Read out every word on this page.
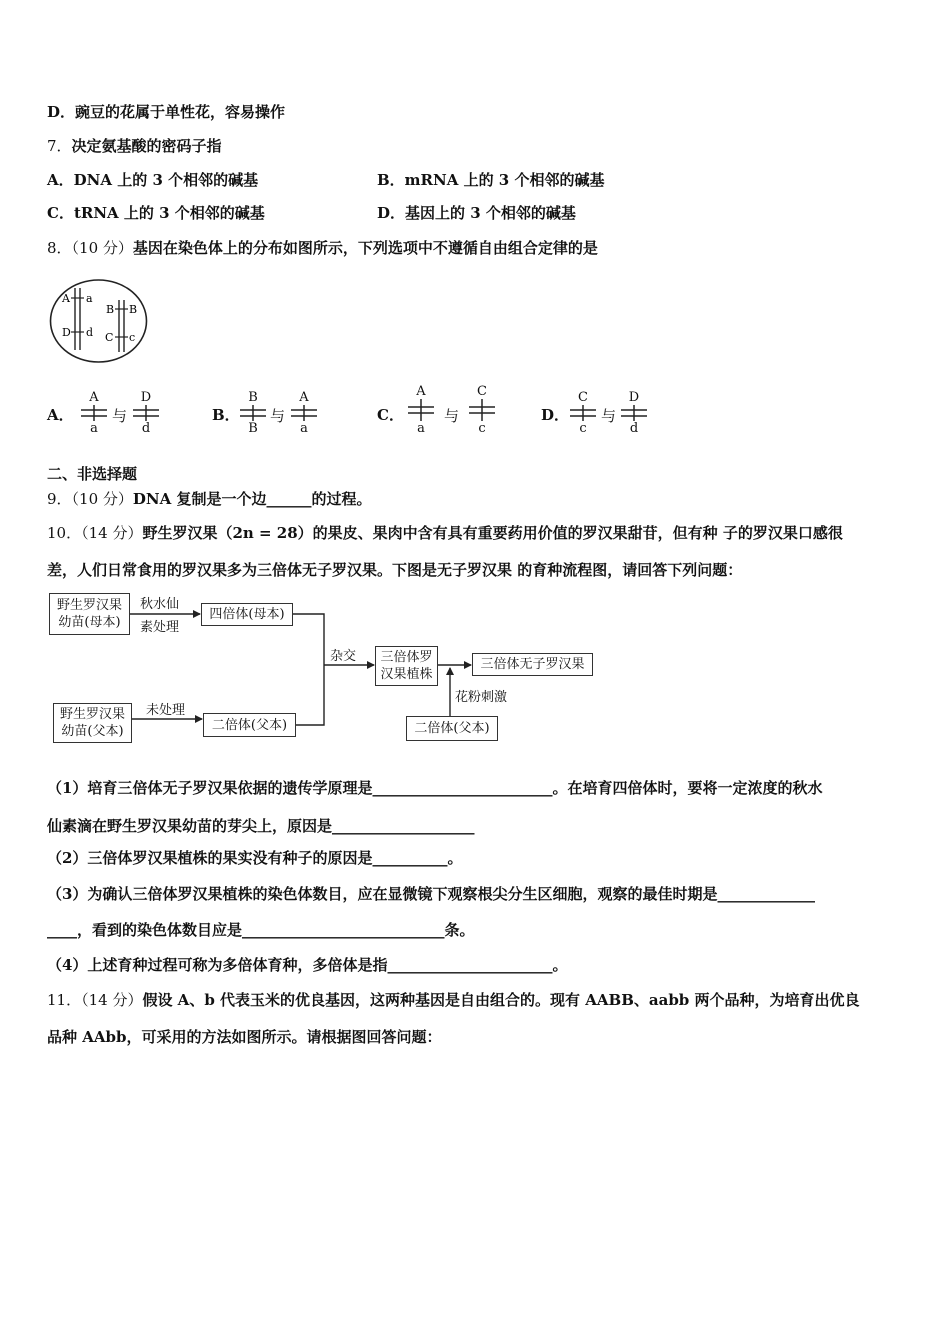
D．豌豆的花属于单性花，容易操作
7．决定氨基酸的密码子指
A．DNA 上的 3 个相邻的碱基	B．mRNA 上的 3 个相邻的碱基
C．tRNA 上的 3 个相邻的碱基	D．基因上的 3 个相邻的碱基
8．（10 分）基因在染色体上的分布如图所示，下列选项中不遵循自由组合定律的是
A a
D d
B B
C c
A．
A
a
与
D
d
B．
B
B
与
A
a
C．
A
a
与
C
c
D．
C
c
与
D
d
二、非选择题
9．（10 分）DNA 复制是一个边______的过程。
10．（14 分）野生罗汉果（2n = 28）的果皮、果肉中含有具有重要药用价值的罗汉果甜苷，但有种 子的罗汉果口感很
差，人们日常食用的罗汉果多为三倍体无子罗汉果。下图是无子罗汉果 的育种流程图，请回答下列问题：
野生罗汉果
幼苗(母本)
秋水仙
素处理
四倍体(母本)
野生罗汉果
幼苗(父本)
未处理
二倍体(父本)
杂交	三倍体罗
汉果植株
三倍体无子罗汉果
花粉刺激
二倍体(父本)
（1）培育三倍体无子罗汉果依据的遗传学原理是________________________。在培育四倍体时，要将一定浓度的秋水
仙素滴在野生罗汉果幼苗的芽尖上，原因是___________________
（2）三倍体罗汉果植株的果实没有种子的原因是__________。
（3）为确认三倍体罗汉果植株的染色体数目，应在显微镜下观察根尖分生区细胞，观察的最佳时期是_____________
____，看到的染色体数目应是___________________________条。
（4）上述育种过程可称为多倍体育种，多倍体是指______________________。
11．（14 分）假设 A、b 代表玉米的优良基因，这两种基因是自由组合的。现有 AABB、aabb 两个品种，为培育出优良
品种 AAbb，可采用的方法如图所示。请根据图回答问题：
